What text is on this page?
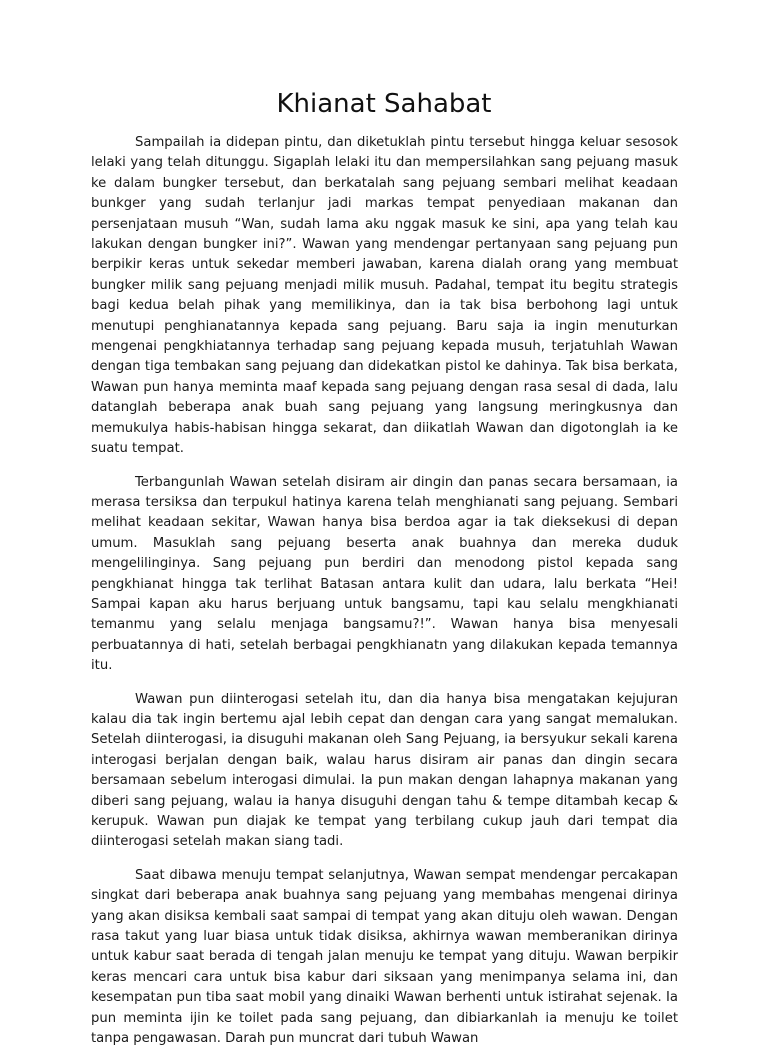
Khianat Sahabat

Sampailah ia didepan pintu, dan diketuklah pintu tersebut hingga keluar sesosok lelaki yang telah ditunggu. Sigaplah lelaki itu dan mempersilahkan sang pejuang masuk ke dalam bungker tersebut, dan berkatalah sang pejuang sembari melihat keadaan bunkger yang sudah terlanjur jadi markas tempat penyediaan makanan dan persenjataan musuh “Wan, sudah lama aku nggak masuk ke sini, apa yang telah kau lakukan dengan bungker ini?”. Wawan yang mendengar pertanyaan sang pejuang pun berpikir keras untuk sekedar memberi jawaban, karena dialah orang yang membuat bungker milik sang pejuang menjadi milik musuh. Padahal, tempat itu begitu strategis bagi kedua belah pihak yang memilikinya, dan ia tak bisa berbohong lagi untuk menutupi penghianatannya kepada sang pejuang. Baru saja ia ingin menuturkan mengenai pengkhiatannya terhadap sang pejuang kepada musuh, terjatuhlah Wawan dengan tiga tembakan sang pejuang dan didekatkan pistol ke dahinya. Tak bisa berkata, Wawan pun hanya meminta maaf kepada sang pejuang dengan rasa sesal di dada, lalu datanglah beberapa anak buah sang pejuang yang langsung meringkusnya dan memukulya habis-habisan hingga sekarat, dan diikatlah Wawan dan digotonglah ia ke suatu tempat.

Terbangunlah Wawan setelah disiram air dingin dan panas secara bersamaan, ia merasa tersiksa dan terpukul hatinya karena telah menghianati sang pejuang. Sembari melihat keadaan sekitar, Wawan hanya bisa berdoa agar ia tak dieksekusi di depan umum. Masuklah sang pejuang beserta anak buahnya dan mereka duduk mengelilinginya. Sang pejuang pun berdiri dan menodong pistol kepada sang pengkhianat hingga tak terlihat Batasan antara kulit dan udara, lalu berkata “Hei! Sampai kapan aku harus berjuang untuk bangsamu, tapi kau selalu mengkhianati temanmu yang selalu menjaga bangsamu?!”. Wawan hanya bisa menyesali perbuatannya di hati, setelah berbagai pengkhianatn yang dilakukan kepada temannya itu.

Wawan pun diinterogasi setelah itu, dan dia hanya bisa mengatakan kejujuran kalau dia tak ingin bertemu ajal lebih cepat dan dengan cara yang sangat memalukan. Setelah diinterogasi, ia disuguhi makanan oleh Sang Pejuang, ia bersyukur sekali karena interogasi berjalan dengan baik, walau harus disiram air panas dan dingin secara bersamaan sebelum interogasi dimulai. Ia pun makan dengan lahapnya makanan yang diberi sang pejuang, walau ia hanya disuguhi dengan tahu & tempe ditambah kecap & kerupuk. Wawan pun diajak ke tempat yang terbilang cukup jauh dari tempat dia diinterogasi setelah makan siang tadi.

Saat dibawa menuju tempat selanjutnya, Wawan sempat mendengar percakapan singkat dari beberapa anak buahnya sang pejuang yang membahas mengenai dirinya yang akan disiksa kembali saat sampai di tempat yang akan dituju oleh wawan. Dengan rasa takut yang luar biasa untuk tidak disiksa, akhirnya wawan memberanikan dirinya untuk kabur saat berada di tengah jalan menuju ke tempat yang dituju. Wawan berpikir keras mencari cara untuk bisa kabur dari siksaan yang menimpanya selama ini, dan kesempatan pun tiba saat mobil yang dinaiki Wawan berhenti untuk istirahat sejenak. Ia pun meminta ijin ke toilet pada sang pejuang, dan dibiarkanlah ia menuju ke toilet tanpa pengawasan. Darah pun muncrat dari tubuh Wawan
